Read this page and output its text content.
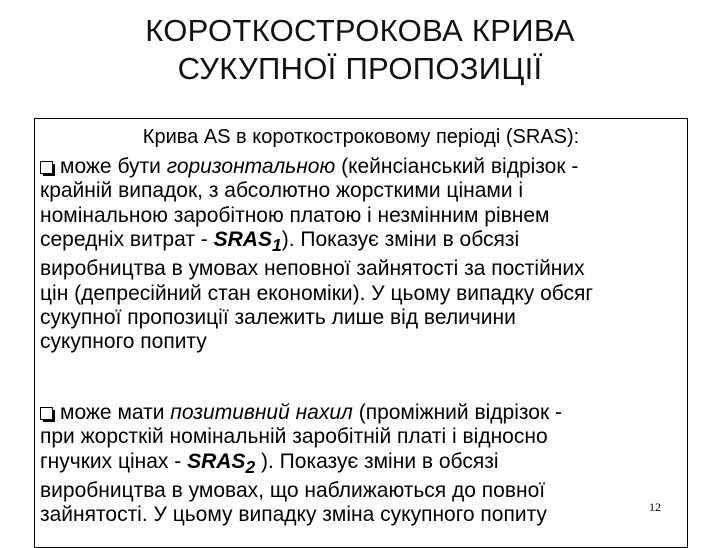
КОРОТКОСТРОКОВА КРИВА
СУКУПНОЇ ПРОПОЗИЦІЇ
Крива AS в короткостроковому періоді (SRAS):
може бути горизонтальною (кейнсіанський відрізок -
крайній випадок, з абсолютно жорсткими цінами і
номінальною заробітною платою і незмінним рівнем
середніх витрат - $SRAS_1$). Показує зміни в обсязі
виробництва в умовах неповної зайнятості за постійних
цін (депресійний стан економіки). У цьому випадку обсяг
сукупної пропозиції залежить лише від величини
сукупного попиту
може мати позитивний нахил (проміжний відрізок -
при жорсткій номінальній заробітній платі і відносно
гнучких цінах - $SRAS_2$ ). Показує зміни в обсязі
виробництва в умовах, що наближаються до повної
зайнятості. У цьому випадку зміна сукупного попиту	12
